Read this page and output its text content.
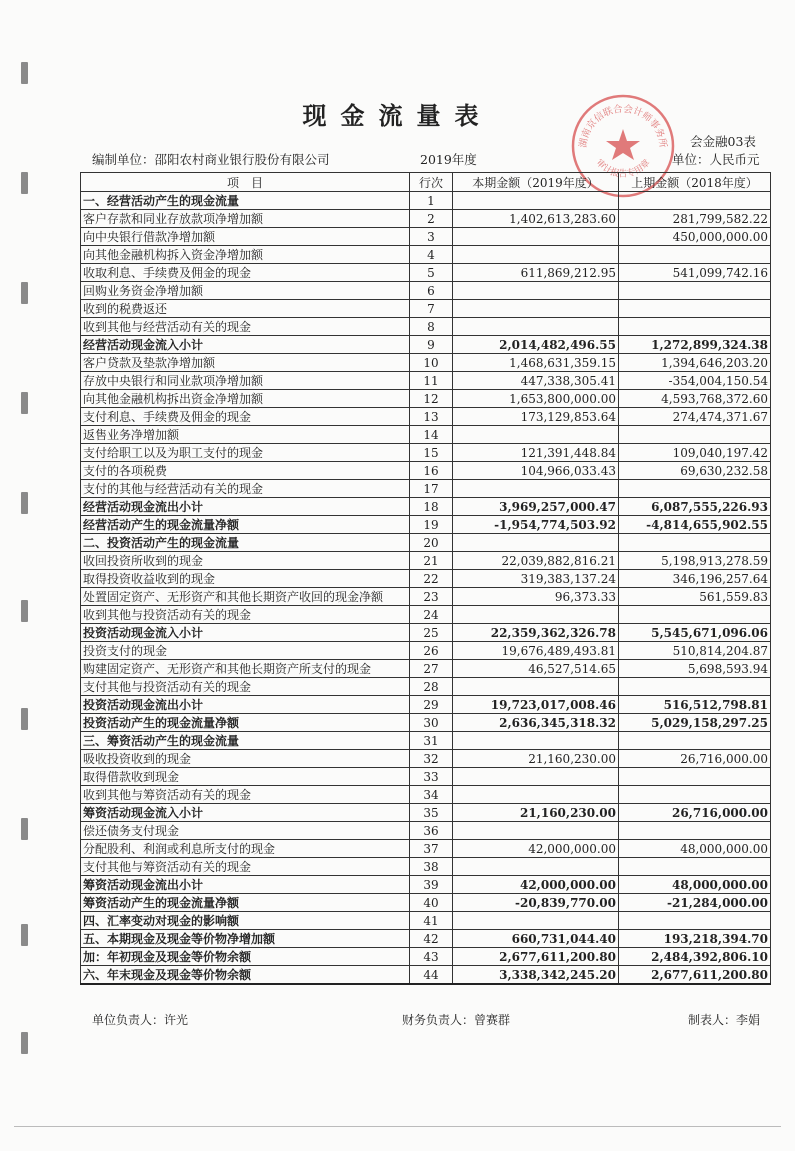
现金流量表
会金融03表
编制单位：邵阳农村商业银行股份有限公司	2019年度	单位：人民币元
湖南京信联合会计师事务所
审计报告专用章
项　目	行次	本期金额（2019年度）	上期金额（2018年度）
一、经营活动产生的现金流量	1		
客户存款和同业存放款项净增加额	2	1,402,613,283.60	281,799,582.22
向中央银行借款净增加额	3		450,000,000.00
向其他金融机构拆入资金净增加额	4		
收取利息、手续费及佣金的现金	5	611,869,212.95	541,099,742.16
回购业务资金净增加额	6		
收到的税费返还	7		
收到其他与经营活动有关的现金	8		
经营活动现金流入小计	9	2,014,482,496.55	1,272,899,324.38
客户贷款及垫款净增加额	10	1,468,631,359.15	1,394,646,203.20
存放中央银行和同业款项净增加额	11	447,338,305.41	-354,004,150.54
向其他金融机构拆出资金净增加额	12	1,653,800,000.00	4,593,768,372.60
支付利息、手续费及佣金的现金	13	173,129,853.64	274,474,371.67
返售业务净增加额	14		
支付给职工以及为职工支付的现金	15	121,391,448.84	109,040,197.42
支付的各项税费	16	104,966,033.43	69,630,232.58
支付的其他与经营活动有关的现金	17		
经营活动现金流出小计	18	3,969,257,000.47	6,087,555,226.93
经营活动产生的现金流量净额	19	-1,954,774,503.92	-4,814,655,902.55
二、投资活动产生的现金流量	20		
收回投资所收到的现金	21	22,039,882,816.21	5,198,913,278.59
取得投资收益收到的现金	22	319,383,137.24	346,196,257.64
处置固定资产、无形资产和其他长期资产收回的现金净额	23	96,373.33	561,559.83
收到其他与投资活动有关的现金	24		
投资活动现金流入小计	25	22,359,362,326.78	5,545,671,096.06
投资支付的现金	26	19,676,489,493.81	510,814,204.87
购建固定资产、无形资产和其他长期资产所支付的现金	27	46,527,514.65	5,698,593.94
支付其他与投资活动有关的现金	28		
投资活动现金流出小计	29	19,723,017,008.46	516,512,798.81
投资活动产生的现金流量净额	30	2,636,345,318.32	5,029,158,297.25
三、筹资活动产生的现金流量	31		
吸收投资收到的现金	32	21,160,230.00	26,716,000.00
取得借款收到现金	33		
收到其他与筹资活动有关的现金	34		
筹资活动现金流入小计	35	21,160,230.00	26,716,000.00
偿还债务支付现金	36		
分配股利、利润或利息所支付的现金	37	42,000,000.00	48,000,000.00
支付其他与筹资活动有关的现金	38		
筹资活动现金流出小计	39	42,000,000.00	48,000,000.00
筹资活动产生的现金流量净额	40	-20,839,770.00	-21,284,000.00
四、汇率变动对现金的影响额	41		
五、本期现金及现金等价物净增加额	42	660,731,044.40	193,218,394.70
加：年初现金及现金等价物余额	43	2,677,611,200.80	2,484,392,806.10
六、年末现金及现金等价物余额	44	3,338,342,245.20	2,677,611,200.80
单位负责人：许光	财务负责人：曾赛群	制表人：李娟
